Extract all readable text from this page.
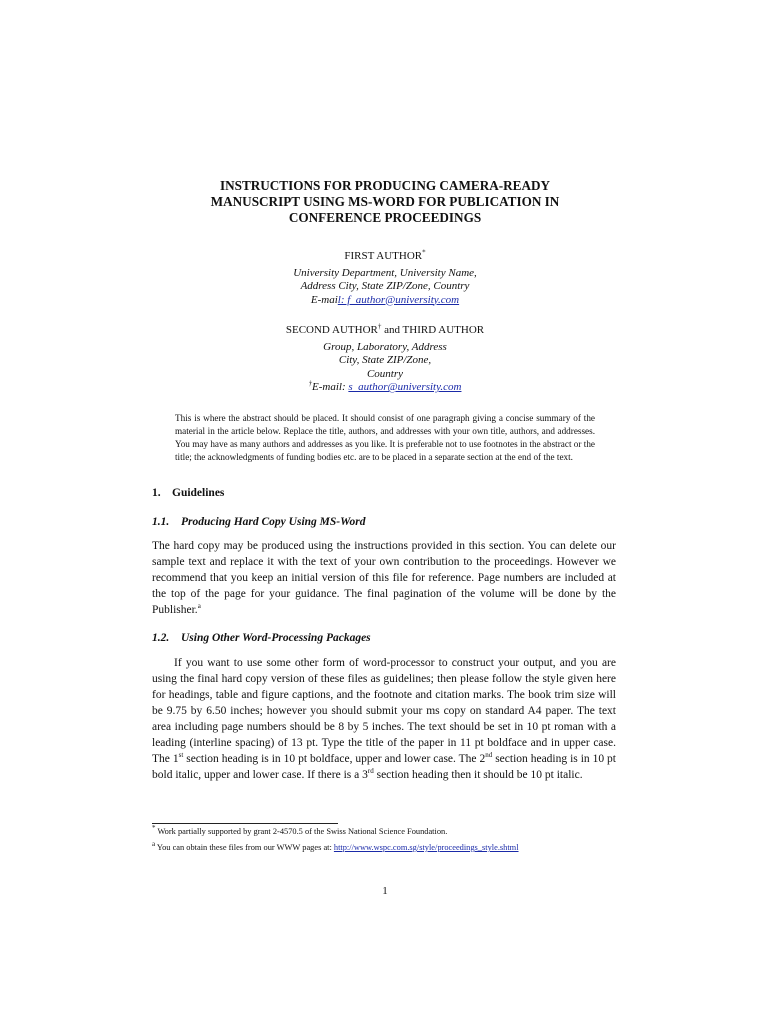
INSTRUCTIONS FOR PRODUCING CAMERA-READY
MANUSCRIPT USING MS-WORD FOR PUBLICATION IN
CONFERENCE PROCEEDINGS
FIRST AUTHOR*
University Department, University Name,
Address City, State ZIP/Zone, Country
E-mail: f_author@university.com
SECOND AUTHOR† and THIRD AUTHOR
Group, Laboratory, Address
City, State ZIP/Zone,
Country
†E-mail: s_author@university.com
This is where the abstract should be placed. It should consist of one paragraph giving a concise summary of the material in the article below. Replace the title, authors, and addresses with your own title, authors, and addresses. You may have as many authors and addresses as you like. It is preferable not to use footnotes in the abstract or the title; the acknowledgments of funding bodies etc. are to be placed in a separate section at the end of the text.
1. Guidelines
1.1. Producing Hard Copy Using MS-Word
The hard copy may be produced using the instructions provided in this section. You can delete our sample text and replace it with the text of your own contribution to the proceedings. However we recommend that you keep an initial version of this file for reference. Page numbers are included at the top of the page for your guidance. The final pagination of the volume will be done by the Publisher.$^a$
1.2. Using Other Word-Processing Packages
If you want to use some other form of word-processor to construct your output, and you are using the final hard copy version of these files as guidelines; then please follow the style given here for headings, table and figure captions, and the footnote and citation marks. The book trim size will be 9.75 by 6.50 inches; however you should submit your ms copy on standard A4 paper. The text area including page numbers should be 8 by 5 inches. The text should be set in 10 pt roman with a leading (interline spacing) of 13 pt. Type the title of the paper in 11 pt boldface and in upper case. The 1st section heading is in 10 pt boldface, upper and lower case. The 2nd section heading is in 10 pt bold italic, upper and lower case. If there is a 3rd section heading then it should be 10 pt italic.
* Work partially supported by grant 2-4570.5 of the Swiss National Science Foundation.
$^a$ You can obtain these files from our WWW pages at: http://www.wspc.com.sg/style/proceedings_style.shtml
1
